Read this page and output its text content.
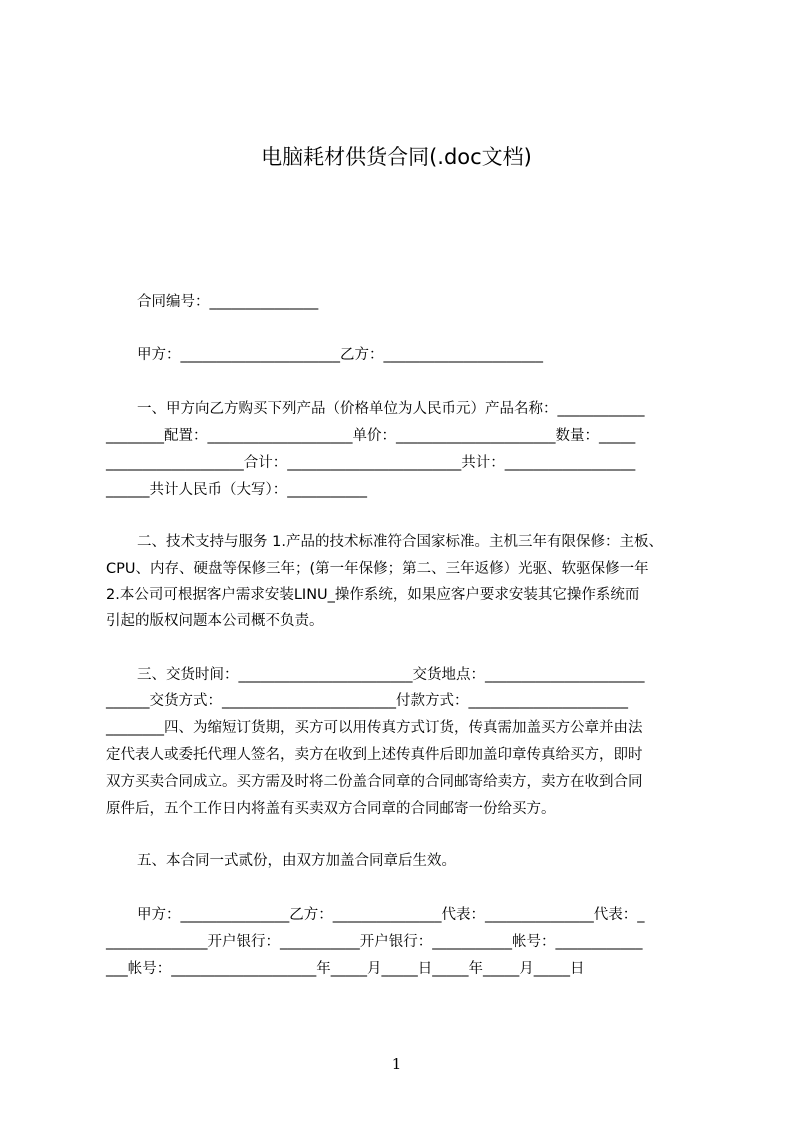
电脑耗材供货合同(.doc文档)
合同编号：_______________
甲方：______________________乙方：______________________
一、甲方向乙方购买下列产品（价格单位为人民币元）产品名称：____________
________配置：____________________单价：______________________数量：_____
___________________合计：________________________共计：__________________
______共计人民币（大写）：___________
二、技术支持与服务 1.产品的技术标准符合国家标准。主机三年有限保修：主板、
CPU、内存、硬盘等保修三年；(第一年保修；第二、三年返修）光驱、软驱保修一年
2.本公司可根据客户需求安装LINU_操作系统，如果应客户要求安装其它操作系统而
引起的版权问题本公司概不负责。
三、交货时间：________________________交货地点：______________________
______交货方式：________________________付款方式：______________________
________四、为缩短订货期，买方可以用传真方式订货，传真需加盖买方公章并由法
定代表人或委托代理人签名，卖方在收到上述传真件后即加盖印章传真给买方，即时
双方买卖合同成立。买方需及时将二份盖合同章的合同邮寄给卖方，卖方在收到合同
原件后，五个工作日内将盖有买卖双方合同章的合同邮寄一份给买方。
五、本合同一式贰份，由双方加盖合同章后生效。
甲方：_______________乙方：_______________代表：_______________代表：_
______________开户银行：___________开户银行：___________帐号：____________
___帐号：____________________年_____月_____日_____年_____月_____日
1
